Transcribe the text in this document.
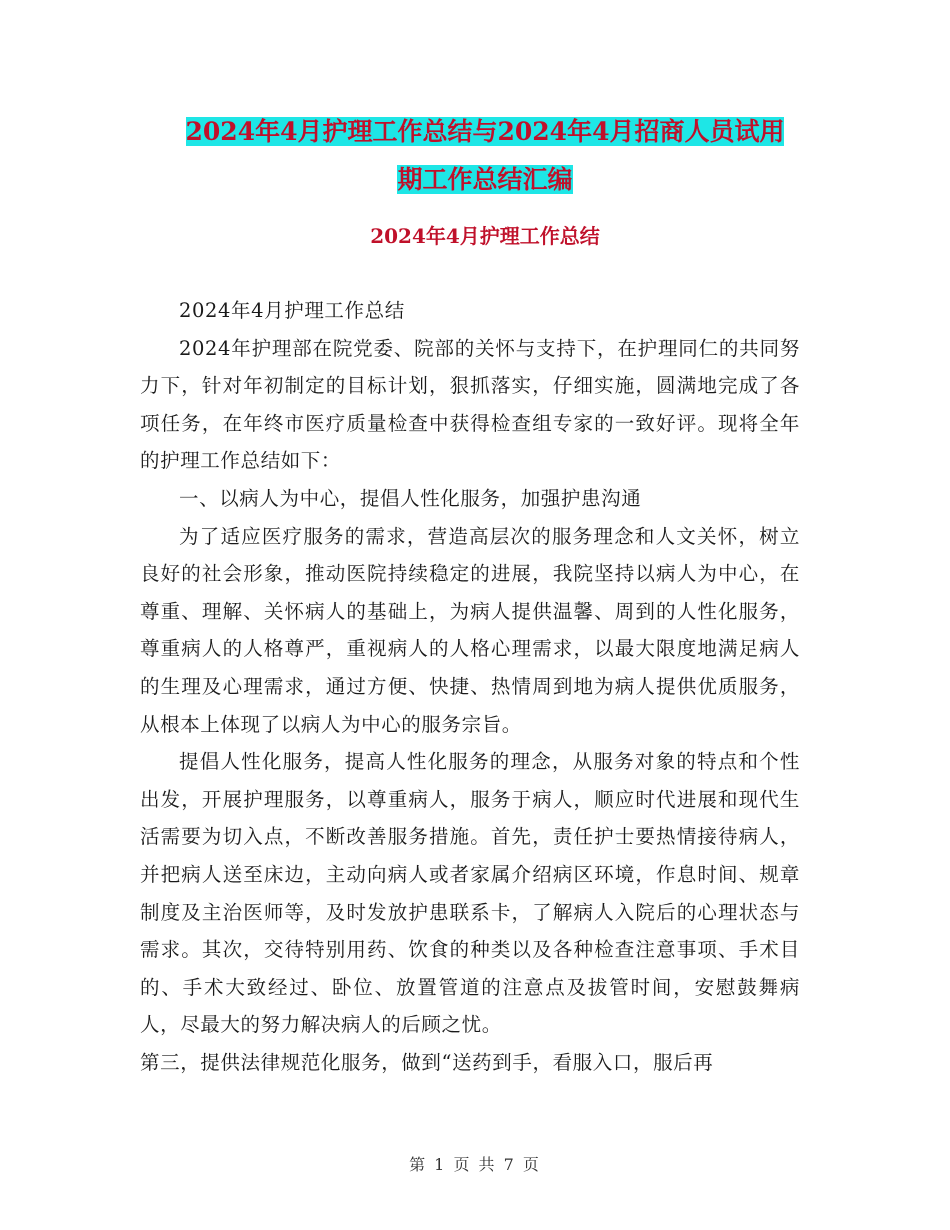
2024年4月护理工作总结与2024年4月招商人员试用
期工作总结汇编
2024年4月护理工作总结

2024年4月护理工作总结

2024年护理部在院党委、院部的关怀与支持下，在护理同仁的共同努力下，针对年初制定的目标计划，狠抓落实，仔细实施，圆满地完成了各项任务，在年终市医疗质量检查中获得检查组专家的一致好评。现将全年的护理工作总结如下：

一、以病人为中心，提倡人性化服务，加强护患沟通

为了适应医疗服务的需求，营造高层次的服务理念和人文关怀，树立良好的社会形象，推动医院持续稳定的进展，我院坚持以病人为中心，在尊重、理解、关怀病人的基础上，为病人提供温馨、周到的人性化服务，尊重病人的人格尊严，重视病人的人格心理需求，以最大限度地满足病人的生理及心理需求，通过方便、快捷、热情周到地为病人提供优质服务，从根本上体现了以病人为中心的服务宗旨。

提倡人性化服务，提高人性化服务的理念，从服务对象的特点和个性出发，开展护理服务，以尊重病人，服务于病人，顺应时代进展和现代生活需要为切入点，不断改善服务措施。首先，责任护士要热情接待病人，并把病人送至床边，主动向病人或者家属介绍病区环境，作息时间、规章制度及主治医师等，及时发放护患联系卡，了解病人入院后的心理状态与需求。其次，交待特别用药、饮食的种类以及各种检查注意事项、手术目的、手术大致经过、卧位、放置管道的注意点及拔管时间，安慰鼓舞病人，尽最大的努力解决病人的后顾之忧。

第三，提供法律规范化服务，做到“送药到手，看服入口，服后再

第 1 页 共 7 页
